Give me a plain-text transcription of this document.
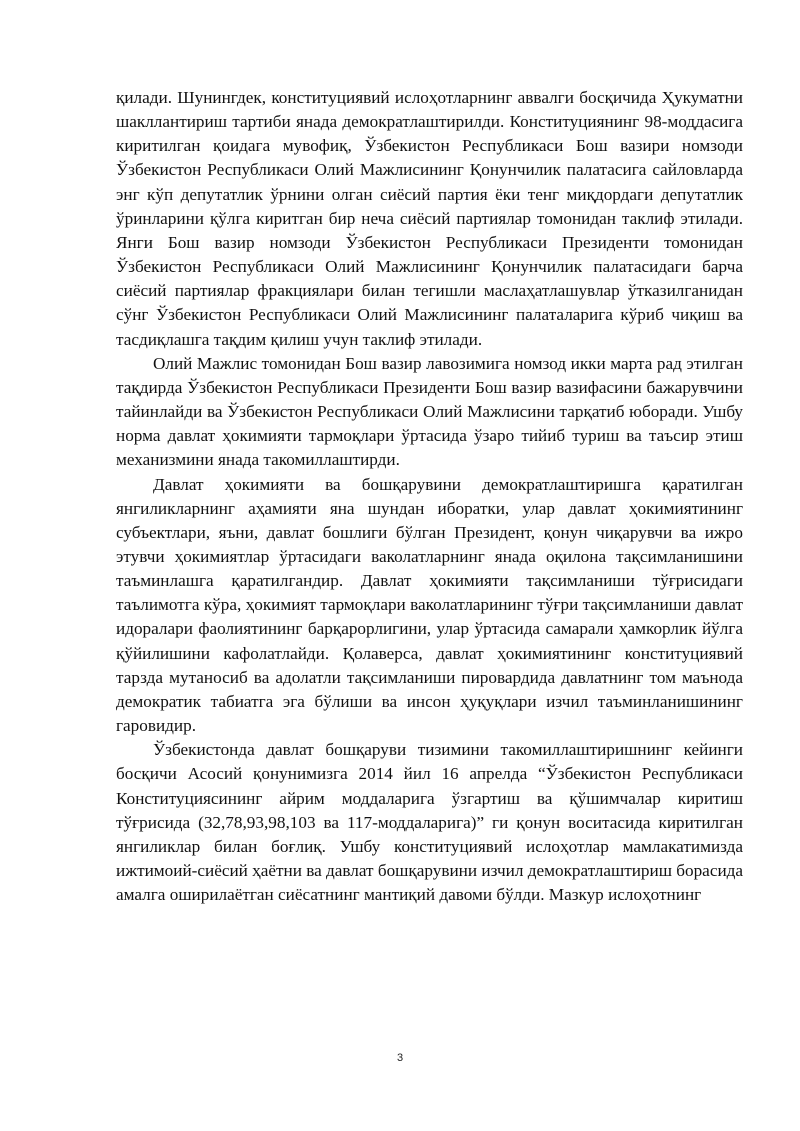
қилади. Шунингдек, конституциявий ислоҳотларнинг аввалги босқичида Ҳукуматни шакллантириш тартиби янада демократлаштирилди. Конституциянинг 98-моддасига киритилган қоидага мувофиқ, Ўзбекистон Республикаси Бош вазири номзоди Ўзбекистон Республикаси Олий Мажлисининг Қонунчилик палатасига сайловларда энг кўп депутатлик ўрнини олган сиёсий партия ёки тенг миқдордаги депутатлик ўринларини қўлга киритган бир неча сиёсий партиялар томонидан таклиф этилади. Янги Бош вазир номзоди Ўзбекистон Республикаси Президенти томонидан Ўзбекистон Республикаси Олий Мажлисининг Қонунчилик палатасидаги барча сиёсий партиялар фракциялари билан тегишли маслаҳатлашувлар ўтказилганидан сўнг Ўзбекистон Республикаси Олий Мажлисининг палаталарига кўриб чиқиш ва тасдиқлашга тақдим қилиш учун таклиф этилади.

Олий Мажлис томонидан Бош вазир лавозимига номзод икки марта рад этилган тақдирда Ўзбекистон Республикаси Президенти Бош вазир вазифасини бажарувчини тайинлайди ва Ўзбекистон Республикаси Олий Мажлисини тарқатиб юборади. Ушбу норма давлат ҳокимияти тармоқлари ўртасида ўзаро тийиб туриш ва таъсир этиш механизмини янада такомиллаштирди.

Давлат ҳокимияти ва бошқарувини демократлаштиришга қаратилган янгиликларнинг аҳамияти яна шундан иборатки, улар давлат ҳокимиятининг субъектлари, яъни, давлат бошлиги бўлган Президент, қонун чиқарувчи ва ижро этувчи ҳокимиятлар ўртасидаги ваколатларнинг янада оқилона тақсимланишини таъминлашга қаратилгандир. Давлат ҳокимияти тақсимланиши тўғрисидаги таълимотга кўра, ҳокимият тармоқлари ваколатларининг тўғри тақсимланиши давлат идоралари фаолиятининг барқарорлигини, улар ўртасида самарали ҳамкорлик йўлга қўйилишини кафолатлайди. Қолаверса, давлат ҳокимиятининг конституциявий тарзда мутаносиб ва адолатли тақсимланиши пировардида давлатнинг том маънода демократик табиатга эга бўлиши ва инсон ҳуқуқлари изчил таъминланишининг гаровидир.

Ўзбекистонда давлат бошқаруви тизимини такомиллаштиришнинг кейинги босқичи Асосий қонунимизга 2014 йил 16 апрелда “Ўзбекистон Республикаси Конституциясининг айрим моддаларига ўзгартиш ва қўшимчалар киритиш тўғрисида (32,78,93,98,103 ва 117-моддаларига)” ги қонун воситасида киритилган янгиликлар билан боғлиқ. Ушбу конституциявий ислоҳотлар мамлакатимизда ижтимоий-сиёсий ҳаётни ва давлат бошқарувини изчил демократлаштириш борасида амалга оширилаётган сиёсатнинг мантиқий давоми бўлди. Мазкур ислоҳотнинг

3
